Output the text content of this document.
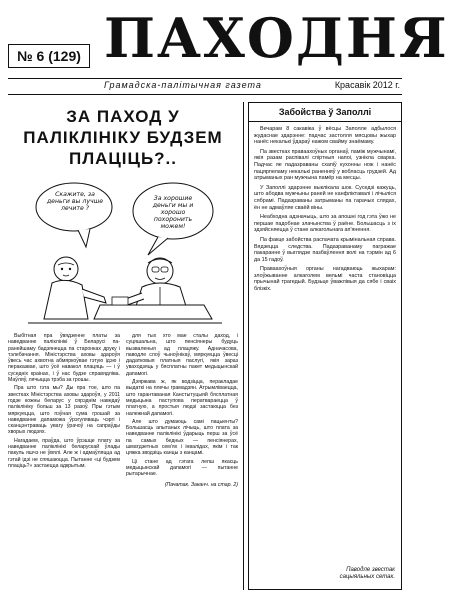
№ 6 (129) ПАХОДНЯ
Грамадска-палітычная газета	Красавік 2012 г.
ЗА ПАХОД У ПАЛІКЛІНІКУ БУДЗЕМ ПЛАЦІЦЬ?..
Скажите, за деньги вы лучше лечите ?
За хорошие деньги мы и хорошо похоронить можем!

Выбітная пра ўвядзенне платы за наведванне паліклінікі ў Беларусі па-ранейшаму бадзянецца па старонках друку і тэлебачання. Міністэрства аховы здароўя ўвесь час ахвотна абмяркоўвае гэтую ідэю і пераказвае, што ўсё навакол плацяць — і ў суседніх краінах, і ў нас будзе справядліва. Маўляў, лячыцца трэба за грошы.

Пра што гэта мы? Ды пра тое, што па звестках Міністэрства аховы здароўя, у 2011 годзе кожны беларус у сярэднім наведаў паліклініку больш за 13 разоў. Пры гэтым мяркуецца, што пэўная сума грошай за наведванне дапаможа ўрэгуляваць чэргі і сканцэнтраваць увагу ўрачоў на сапраўды хворых людзях.

Нагадаем, праўда, што ўрэшце плату за наведванне паліклінікі беларускай ўлады пакуль яшчэ не ўвялі. Але ж і адмаўляцца ад гэтай ідэі не спяшаюцца. Пытанне «ці будзем плаціць?» застаецца адкрытым.

для тых хто мае сталы даход, і суцяшальна, што пенсіянеры будуць вызваленыя ад плацяжу. Адначасова, паводле слоў чыноўнікаў, мяркуецца ўвесці дадатковыя платныя паслугі, якія зараз уваходзяць у бясплатны пакет медыцынскай дапамогі.

Дзяржава ж, як водзіцца, перакладае выдаткі на плечы грамадзян. Атрымліваецца, што гарантаваная Канстытуцыяй бясплатная медыцына паступова ператвараецца ў платную, а простыя людзі застаюцца без належнай дапамогі.

Але што думаюць самі пацыенты? Большасць апытаных лічыць, што плата за наведванне паліклінікі ўдарыць перш за ўсё па самых бедных — пенсіянерах, шматдзетных сем'ях і інвалідах, якім і так цяжка зводзіць канцы з канцамі.

Ці стане ад гэтага лепш якасць медыцынскай дапамогі — пытанне рытарычнае.

(Пачатак. Заканч. на стар. 2)
Забойства ў Заполлі

Вечарам 8 сакавіка ў вёсцы Заполле адбылося жудаснае здарэнне: падчас застолля мясцовы жыхар нанёс некалькі ўдараў нажом свайму знаёмаму.

Па звестках праваахоўных органаў, паміж мужчынамі, якія разам распівалі спіртныя напоі, узнікла сварка. Падчас яе падазраваны схапіў кухонны нож і нанёс пацярпеламу некалькі раненняў у вобласць грудзей. Ад атрыманых ран мужчына памёр на месцы.

У Заполлі здарэнне выклікала шок. Суседзі кажуць, што абодва мужчыны раней не канфліктавалі і лічыліся сябрамі. Падазраваны затрыманы па гарачых слядах, ён не адмаўляе сваёй віны.

Неабходна адзначыць, што за апошні год гэта ўжо не першае падобнае злачынства ў раёне. Большасць з іх здзяйсняецца ў стане алкагольнага ап'янення.

Па факце забойства распачата крымінальная справа. Вядзецца следства. Падазраванаму пагражае пакаранне ў выглядзе пазбаўлення волі на тэрмін ад 6 да 15 гадоў.

Праваахоўныя органы нагадваюць жыхарам: злоўжыванне алкаголем вельмі часта становіцца прычынай трагедый. Будзьце ўважлівыя да сябе і сваіх блізкіх.

Паводле звестак
сацыяльных сетак.
